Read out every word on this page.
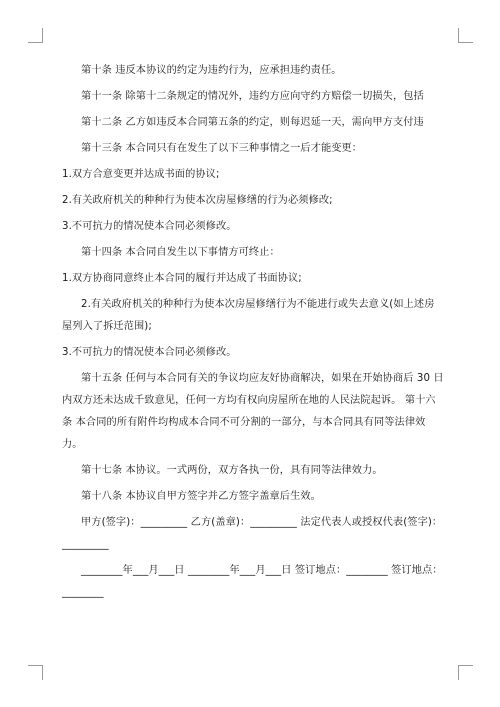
第十条 违反本协议的约定为违约行为，应承担违约责任。

第十一条 除第十二条规定的情况外，违约方应向守约方赔偿一切损失，包括

第十二条 乙方如违反本合同第五条的约定，则每迟延一天，需向甲方支付违

第十三条 本合同只有在发生了以下三种事情之一后才能变更：

1.双方合意变更并达成书面的协议;

2.有关政府机关的种种行为使本次房屋修缮的行为必须修改;

3.不可抗力的情况使本合同必须修改。

第十四条 本合同自发生以下事情方可终止：

1.双方协商同意终止本合同的履行并达成了书面协议;

2.有关政府机关的种种行为使本次房屋修缮行为不能进行或失去意义(如上述房屋列入了拆迁范围);

3.不可抗力的情况使本合同必须修改。

第十五条 任何与本合同有关的争议均应友好协商解决，如果在开始协商后 30 日内双方还未达成千致意见，任何一方均有权向房屋所在地的人民法院起诉。 第十六条 本合同的所有附件均构成本合同不可分割的一部分，与本合同具有同等法律效力。

第十七条 本协议。一式两份，双方各执一份，具有同等法律效力。

第十八条 本协议自甲方签字并乙方签字盖章后生效。

甲方(签字)：_________ 乙方(盖章)：_________ 法定代表人或授权代表(签字)：_________

________年___月___日 ________年___月___日 签订地点：________ 签订地点：________
